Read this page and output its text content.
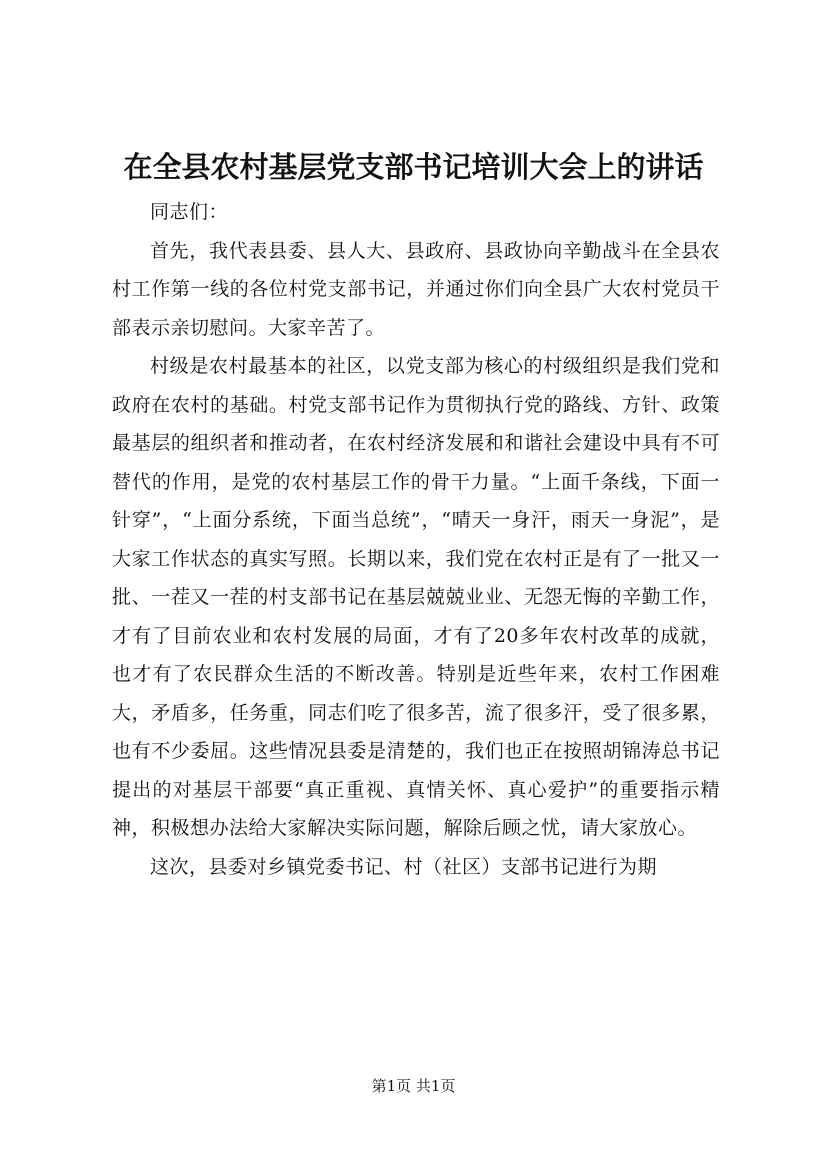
在全县农村基层党支部书记培训大会上的讲话

同志们：

首先，我代表县委、县人大、县政府、县政协向辛勤战斗在全县农村工作第一线的各位村党支部书记，并通过你们向全县广大农村党员干部表示亲切慰问。大家辛苦了。

村级是农村最基本的社区，以党支部为核心的村级组织是我们党和政府在农村的基础。村党支部书记作为贯彻执行党的路线、方针、政策最基层的组织者和推动者，在农村经济发展和和谐社会建设中具有不可替代的作用，是党的农村基层工作的骨干力量。“上面千条线，下面一针穿”，“上面分系统，下面当总统”，“晴天一身汗，雨天一身泥”，是大家工作状态的真实写照。长期以来，我们党在农村正是有了一批又一批、一茬又一茬的村支部书记在基层兢兢业业、无怨无悔的辛勤工作，才有了目前农业和农村发展的局面，才有了20多年农村改革的成就，也才有了农民群众生活的不断改善。特别是近些年来，农村工作困难大，矛盾多，任务重，同志们吃了很多苦，流了很多汗，受了很多累，也有不少委屈。这些情况县委是清楚的，我们也正在按照胡锦涛总书记提出的对基层干部要“真正重视、真情关怀、真心爱护”的重要指示精神，积极想办法给大家解决实际问题，解除后顾之忧，请大家放心。

这次，县委对乡镇党委书记、村（社区）支部书记进行为期

第1页 共1页
